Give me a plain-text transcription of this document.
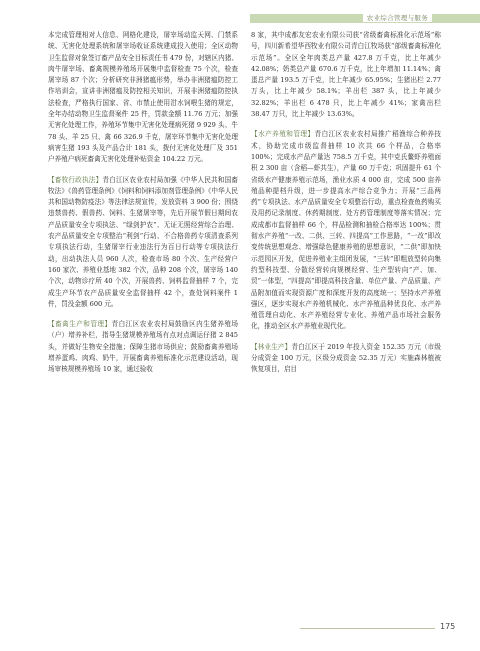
农业综合管理与服务

本完成管理相对人信息、网格化建设，屠宰场动监天网、门禁系统、无害化处理系统和屠宰场收证系统建成投入使用；全区动物卫生监督对象签订畜产品安全目标责任书 479 份，对辖区内猪、肉牛屠宰场、畜禽规模养殖场开展集中监督检查 75 个次，检查屠宰场 87 个次；分析研究非洲猪瘟形势，举办非洲猪瘟防控工作培训会，宣讲非洲猪瘟及防控相关知识，开展非洲猪瘟防控执法检查，严格执行国家、省、市禁止使用泔水饲喂生猪的规定，全年办结动物卫生监督案件 25 件，罚款金额 11.76 万元；加强无害化处理工作，养殖环节集中无害化处理病死猪 9 929 头、牛 78 头、羊 25 只、禽 66 326.9 千克，屠宰环节集中无害化处理病害生猪 193 头及产品合计 181 头，拨付无害化处理厂及 351 户养殖户病死畜禽无害化处理补贴资金 104.22 万元。

【畜牧行政执法】青白江区农业农村局加强《中华人民共和国畜牧法》《兽药管理条例》《饲料和饲料添加剂管理条例》《中华人民共和国动物防疫法》等法律法规宣传，发放资料 3 900 份；围绕违禁兽药、假兽药、饲料、生猪屠宰等，先后开展节假日期间农产品质量安全专项执法、“绿剑护农”、无证无照经营综合治理、农产品质量安全专项整治“利剑”行动、不合格兽药专项清查系列专项执法行动，生猪屠宰行业违法行为百日行动等专项执法行动，出动执法人员 960 人次，检查市场 80 个次、生产经营户 160 家次、养殖业基地 382 个次，品种 208 个次，屠宰场 140 个次，动物诊疗所 40 个次，开展兽药、饲料监督抽样 7 个，完成生产环节农产品质量安全监督抽样 42 个，查处饲料案件 1 件，罚没金额 600 元。

【畜禽生产和管理】青白江区农业农村局鼓励区内生猪养殖场（户）增养补栏，指导生猪规模养殖场有点对点调运仔猪 2 845 头，并做好生物安全措施；保障生猪市场供应；鼓励畜禽养殖场增养蛋鸡、肉鸡、奶牛，开展畜禽养殖标准化示范建设活动，现场审核规模养殖场 10 家，通过验收

8 家，其中成都友宏农业有限公司获“省级畜禽标准化示范场”称号，四川新希望华西牧业有限公司青白江牧场获“部级畜禽标准化示范场”。全区全年肉类总产量 427.8 万千克，比上年减少 42.08%；奶类总产量 670.6 万千克，比上年增加 11.14%；禽蛋总产量 193.5 万千克，比上年减少 65.95%；生猪出栏 2.77 万头，比上年减少 58.1%；羊出栏 387 头，比上年减少 32.82%；羊出栏 6 478 只，比上年减少 41%；家禽出栏 38.47 万只，比上年减少 13.63%。

【水产养殖和管理】青白江区农业农村局推广稻渔综合种养技术，协助完成市级监督抽样 10 次共 66 个样品，合格率 100%；完成水产品产量达 758.5 万千克，其中克氏鳌虾养殖面积 2 300 亩（含稻—虾共生），产量 60 万千克；巩固提升 61 个省级水产健康养殖示范场，渔业水质 4 000 亩，完成 500 亩养殖品种提档升级，进一步提高水产综合竞争力；开展“三品两药”专项执法、水产品质量安全专项整治行动，重点检查鱼药购买及用药记录制度、休药期制度、处方药管理制度等落实情况；完成成都市监督抽样 66 个，样品检测和抽检合格率达 100%；贯彻水产养殖“一改、二供、三转、四提高”工作思路，“一改”即改变传统思想观念、增强绿色健康养殖的思想意识，“二供”即加快示范园区开发，促进养殖业主组团发展，“三转”即粗放型转向集约型科技型、分散经营转向规模经营、生产型转向“产、加、贸”一体型，“四提高”即提高科技含量、单位产量、产品质量、产品附加值而实现资源广度和深度开发的高度统一；坚持水产养殖强区，逐步实现水产养殖机械化、水产养殖品种优良化、水产养殖管理自动化、水产养殖经营专业化、养殖产品市场社会服务化，推动全区水产养殖业现代化。

【林业生产】青白江区于 2019 年投入资金 152.35 万元（市级分成资金 100 万元，区级分成资金 52.35 万元）实施森林植被恢复项目，启目

175
